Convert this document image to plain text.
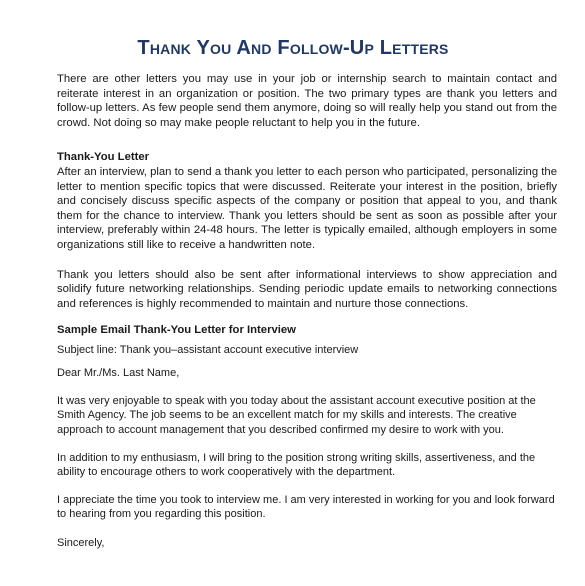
Thank You And Follow-Up Letters

There are other letters you may use in your job or internship search to maintain contact and reiterate interest in an organization or position. The two primary types are thank you letters and follow-up letters. As few people send them anymore, doing so will really help you stand out from the crowd. Not doing so may make people reluctant to help you in the future.

Thank-You Letter

After an interview, plan to send a thank you letter to each person who participated, personalizing the letter to mention specific topics that were discussed. Reiterate your interest in the position, briefly and concisely discuss specific aspects of the company or position that appeal to you, and thank them for the chance to interview. Thank you letters should be sent as soon as possible after your interview, preferably within 24-48 hours. The letter is typically emailed, although employers in some organizations still like to receive a handwritten note.

Thank you letters should also be sent after informational interviews to show appreciation and solidify future networking relationships. Sending periodic update emails to networking connections and references is highly recommended to maintain and nurture those connections.

Sample Email Thank-You Letter for Interview

Subject line: Thank you–assistant account executive interview

Dear Mr./Ms. Last Name,

It was very enjoyable to speak with you today about the assistant account executive position at the Smith Agency. The job seems to be an excellent match for my skills and interests. The creative approach to account management that you described confirmed my desire to work with you.

In addition to my enthusiasm, I will bring to the position strong writing skills, assertiveness, and the ability to encourage others to work cooperatively with the department.

I appreciate the time you took to interview me. I am very interested in working for you and look forward to hearing from you regarding this position.

Sincerely,
